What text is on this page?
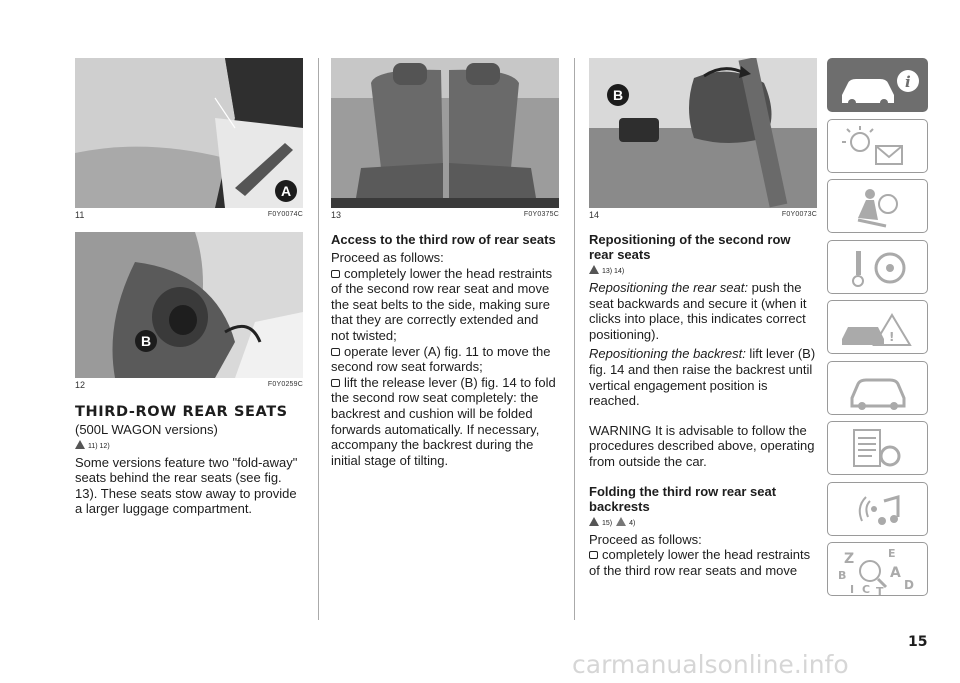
A
11	F0Y0074C
B
12	F0Y0259C
THIRD-ROW REAR SEATS

(500L WAGON versions)

11) 12)

Some versions feature two "fold-away" seats behind the rear seats (see fig. 13). These seats stow away to provide a larger luggage compartment.

13	F0Y0375C
Access to the third row of rear seats

Proceed as follows:

completely lower the head restraints of the second row rear seat and move the seat belts to the side, making sure that they are correctly extended and not twisted;

operate lever (A) fig. 11 to move the second row seat forwards;

lift the release lever (B) fig. 14 to fold the second row seat completely: the backrest and cushion will be folded forwards automatically. If necessary, accompany the backrest during the initial stage of tilting.

B
14	F0Y0073C
Repositioning of the second row rear seats
13) 14)

Repositioning the rear seat: push the seat backwards and secure it (when it clicks into place, this indicates correct positioning).

Repositioning the backrest: lift lever (B) fig. 14 and then raise the backrest until vertical engagement position is reached.

WARNING It is advisable to follow the procedures described above, operating from outside the car.

Folding the third row rear seat backrests
15) 4)

Proceed as follows:

completely lower the head restraints of the third row rear seats and move

i
!
Z	E
B	A
D
I C T
15
carmanualsonline.info
